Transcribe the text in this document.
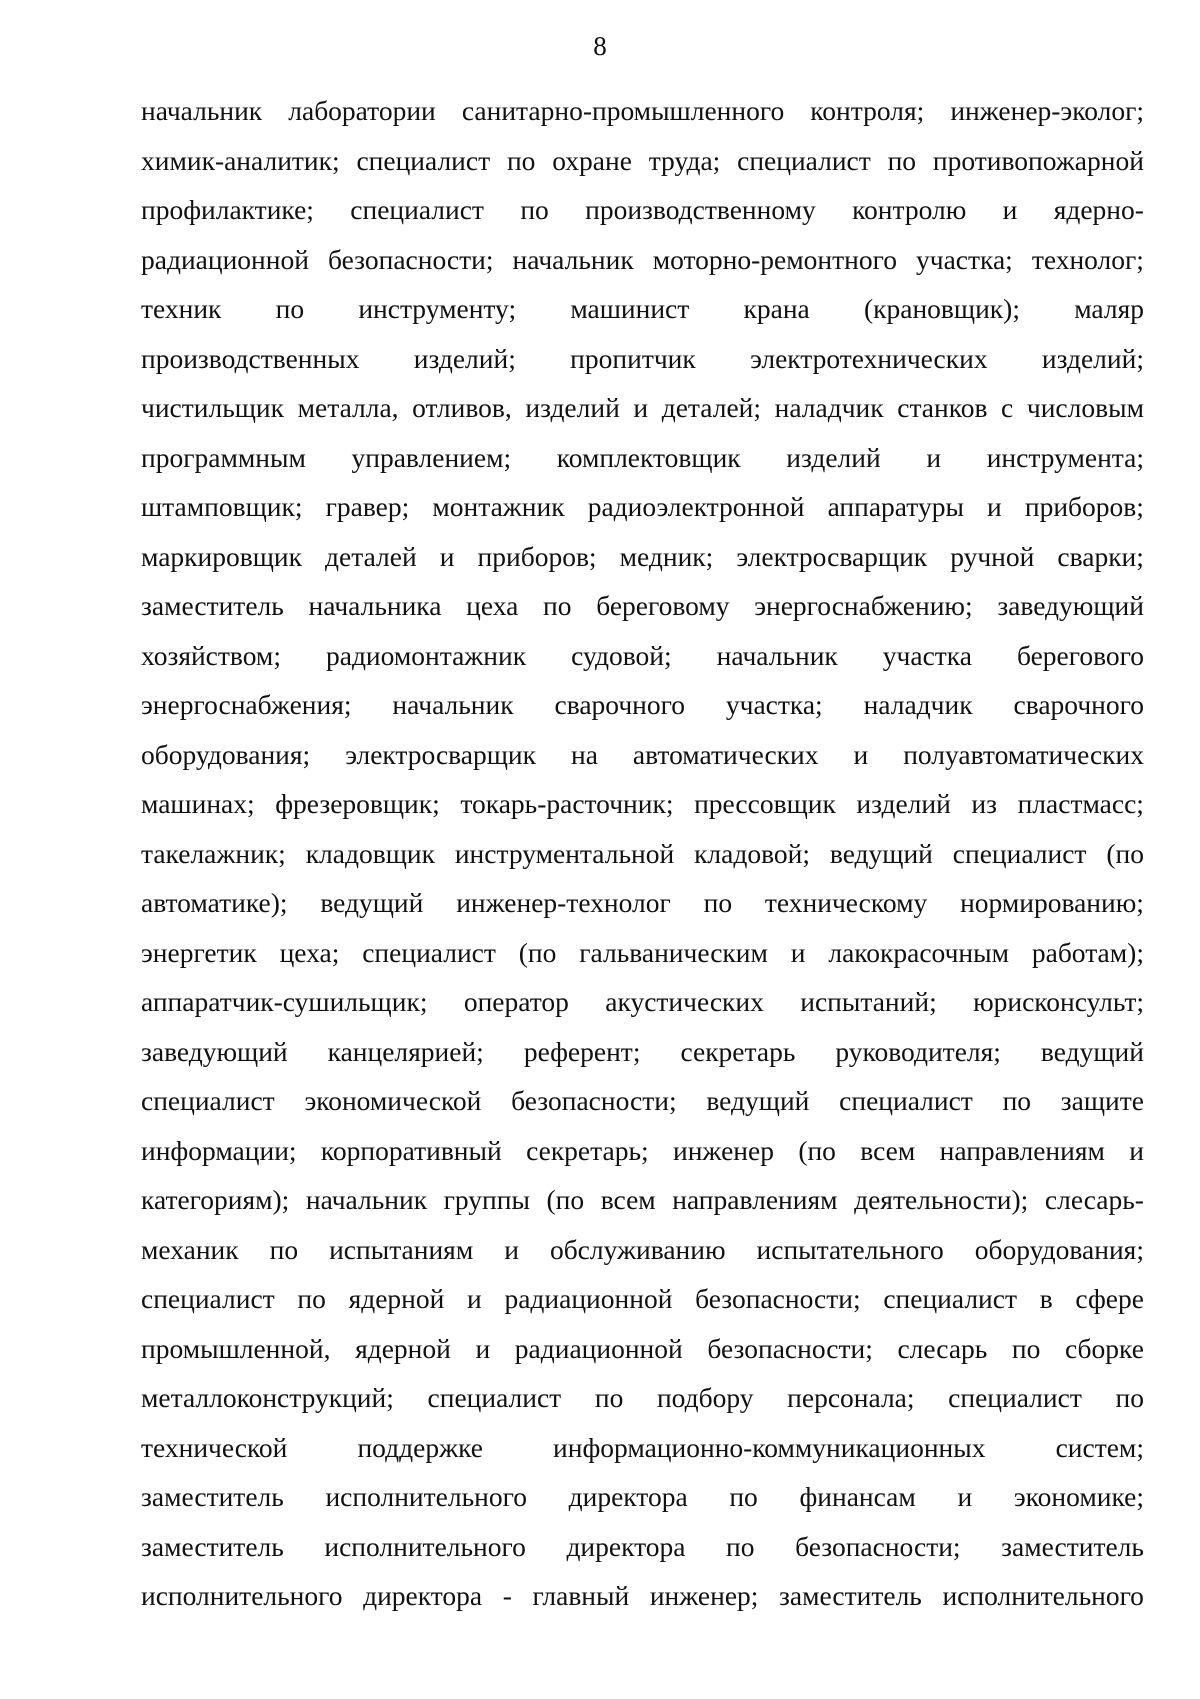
8
начальник лаборатории санитарно-промышленного контроля; инженер-эколог;
химик-аналитик; специалист по охране труда; специалист по противопожарной
профилактике; специалист по производственному контролю и ядерно-
радиационной безопасности; начальник моторно-ремонтного участка; технолог;
техник по инструменту; машинист крана (крановщик); маляр
производственных изделий; пропитчик электротехнических изделий;
чистильщик металла, отливов, изделий и деталей; наладчик станков с числовым
программным управлением; комплектовщик изделий и инструмента;
штамповщик; гравер; монтажник радиоэлектронной аппаратуры и приборов;
маркировщик деталей и приборов; медник; электросварщик ручной сварки;
заместитель начальника цеха по береговому энергоснабжению; заведующий
хозяйством; радиомонтажник судовой; начальник участка берегового
энергоснабжения; начальник сварочного участка; наладчик сварочного
оборудования; электросварщик на автоматических и полуавтоматических
машинах; фрезеровщик; токарь-расточник; прессовщик изделий из пластмасс;
такелажник; кладовщик инструментальной кладовой; ведущий специалист (по
автоматике); ведущий инженер-технолог по техническому нормированию;
энергетик цеха; специалист (по гальваническим и лакокрасочным работам);
аппаратчик-сушильщик; оператор акустических испытаний; юрисконсульт;
заведующий канцелярией; референт; секретарь руководителя; ведущий
специалист экономической безопасности; ведущий специалист по защите
информации; корпоративный секретарь; инженер (по всем направлениям и
категориям); начальник группы (по всем направлениям деятельности); слесарь-
механик по испытаниям и обслуживанию испытательного оборудования;
специалист по ядерной и радиационной безопасности; специалист в сфере
промышленной, ядерной и радиационной безопасности; слесарь по сборке
металлоконструкций; специалист по подбору персонала; специалист по
технической	поддержке	информационно-коммуникационных	систем;
заместитель исполнительного директора по финансам и экономике;
заместитель исполнительного директора по безопасности; заместитель
исполнительного директора - главный инженер; заместитель исполнительного
